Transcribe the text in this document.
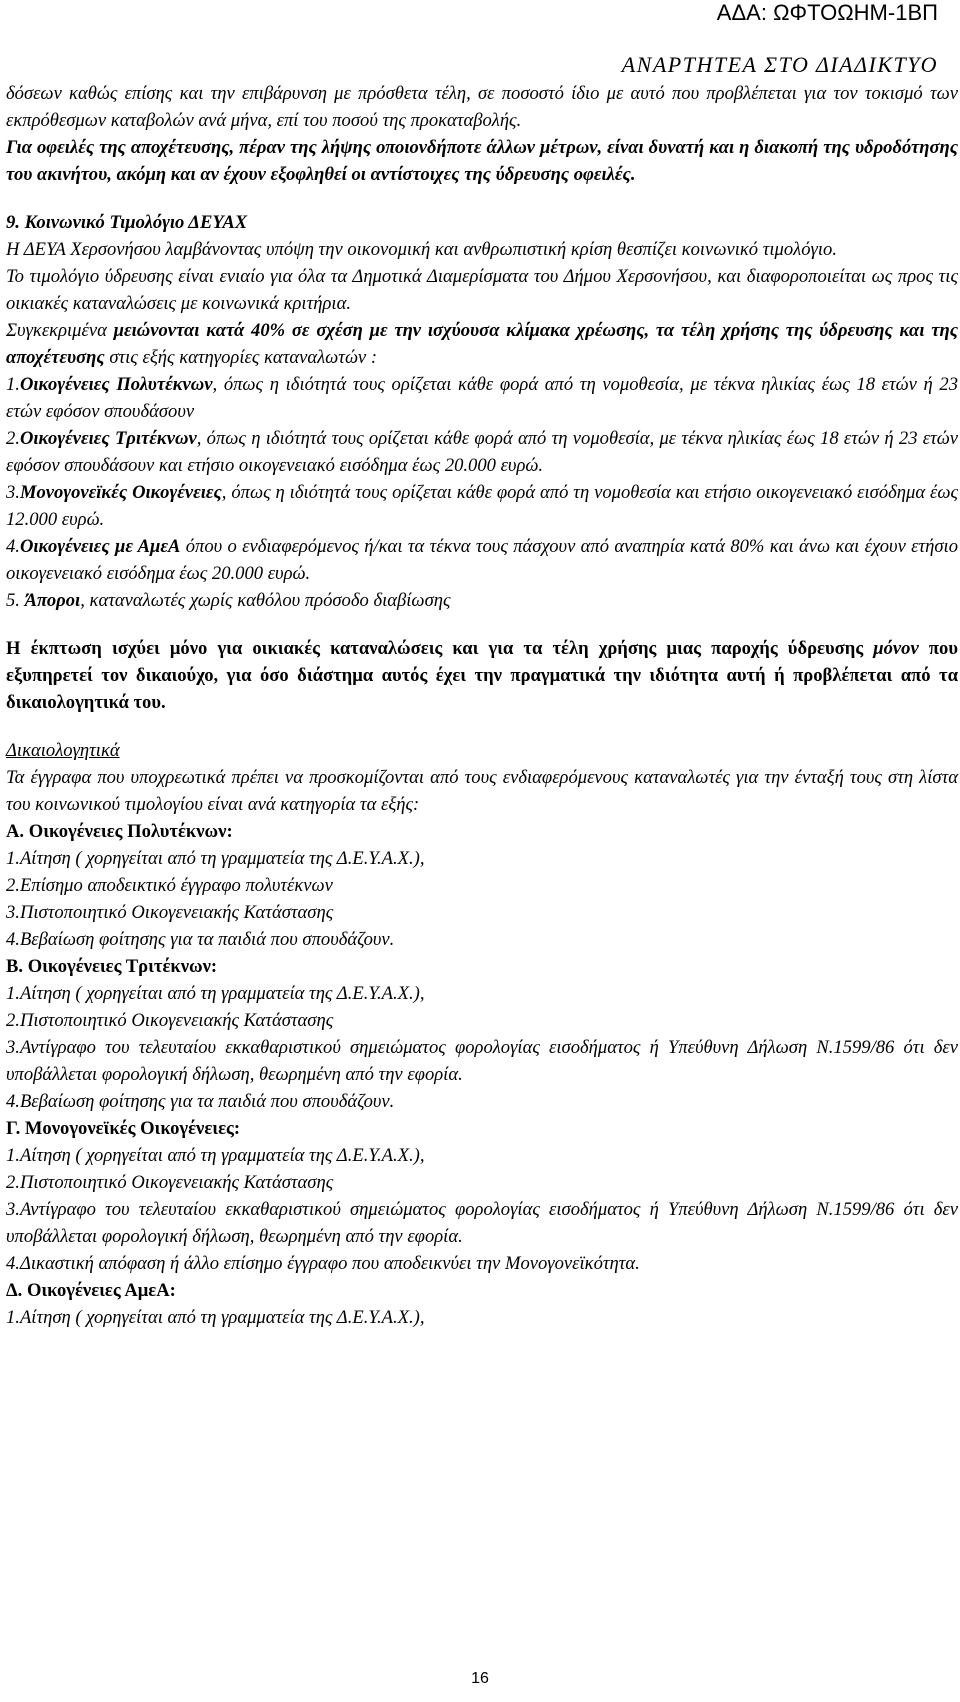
ΑΔΑ: ΩΦΤΟΩΗΜ-1ΒΠ
ΑΝΑΡΤΗΤΕΑ ΣΤΟ ΔΙΑΔΙΚΤΥΟ

δόσεων καθώς επίσης και την επιβάρυνση με πρόσθετα τέλη, σε ποσοστό ίδιο με αυτό που προβλέπεται για τον τοκισμό των εκπρόθεσμων καταβολών ανά μήνα, επί του ποσού της προκαταβολής.

Για οφειλές της αποχέτευσης, πέραν της λήψης οποιονδήποτε άλλων μέτρων, είναι δυνατή και η διακοπή της υδροδότησης του ακινήτου, ακόμη και αν έχουν εξοφληθεί οι αντίστοιχες της ύδρευσης οφειλές.

9. Κοινωνικό Τιμολόγιο ΔΕΥΑΧ

Η ΔΕΥΑ Χερσονήσου λαμβάνοντας υπόψη την οικονομική και ανθρωπιστική κρίση θεσπίζει κοινωνικό τιμολόγιο.

Το τιμολόγιο ύδρευσης είναι ενιαίο για όλα τα Δημοτικά Διαμερίσματα του Δήμου Χερσονήσου, και διαφοροποιείται ως προς τις οικιακές καταναλώσεις με κοινωνικά κριτήρια.

Συγκεκριμένα μειώνονται κατά 40% σε σχέση με την ισχύουσα κλίμακα χρέωσης, τα τέλη χρήσης της ύδρευσης και της αποχέτευσης στις εξής κατηγορίες καταναλωτών :

1.Οικογένειες Πολυτέκνων, όπως η ιδιότητά τους ορίζεται κάθε φορά από τη νομοθεσία, με τέκνα ηλικίας έως 18 ετών ή 23 ετών εφόσον σπουδάσουν

2.Οικογένειες Τριτέκνων, όπως η ιδιότητά τους ορίζεται κάθε φορά από τη νομοθεσία, με τέκνα ηλικίας έως 18 ετών ή 23 ετών εφόσον σπουδάσουν και ετήσιο οικογενειακό εισόδημα έως 20.000 ευρώ.

3.Μονογονεϊκές Οικογένειες, όπως η ιδιότητά τους ορίζεται κάθε φορά από τη νομοθεσία και ετήσιο οικογενειακό εισόδημα έως 12.000 ευρώ.

4.Οικογένειες με ΑμεΑ όπου ο ενδιαφερόμενος ή/και τα τέκνα τους πάσχουν από αναπηρία κατά 80% και άνω και έχουν ετήσιο οικογενειακό εισόδημα έως 20.000 ευρώ.

5. Άποροι, καταναλωτές χωρίς καθόλου πρόσοδο διαβίωσης

Η έκπτωση ισχύει μόνο για οικιακές καταναλώσεις και για τα τέλη χρήσης μιας παροχής ύδρευσης μόνον που εξυπηρετεί τον δικαιούχο, για όσο διάστημα αυτός έχει την πραγματικά την ιδιότητα αυτή ή προβλέπεται από τα δικαιολογητικά του.

Δικαιολογητικά

Τα έγγραφα που υποχρεωτικά πρέπει να προσκομίζονται από τους ενδιαφερόμενους καταναλωτές για την ένταξή τους στη λίστα του κοινωνικού τιμολογίου είναι ανά κατηγορία τα εξής:

Α. Οικογένειες Πολυτέκνων:

1.Αίτηση ( χορηγείται από τη γραμματεία της Δ.Ε.Υ.Α.Χ.),

2.Επίσημο αποδεικτικό έγγραφο πολυτέκνων

3.Πιστοποιητικό Οικογενειακής Κατάστασης

4.Βεβαίωση φοίτησης για τα παιδιά που σπουδάζουν.

Β. Οικογένειες Τριτέκνων:

1.Αίτηση ( χορηγείται από τη γραμματεία της Δ.Ε.Υ.Α.Χ.),

2.Πιστοποιητικό Οικογενειακής Κατάστασης

3.Αντίγραφο του τελευταίου εκκαθαριστικού σημειώματος φορολογίας εισοδήματος ή Υπεύθυνη Δήλωση Ν.1599/86 ότι δεν υποβάλλεται φορολογική δήλωση, θεωρημένη από την εφορία.

4.Βεβαίωση φοίτησης για τα παιδιά που σπουδάζουν.

Γ. Μονογονεϊκές Οικογένειες:

1.Αίτηση ( χορηγείται από τη γραμματεία της Δ.Ε.Υ.Α.Χ.),

2.Πιστοποιητικό Οικογενειακής Κατάστασης

3.Αντίγραφο του τελευταίου εκκαθαριστικού σημειώματος φορολογίας εισοδήματος ή Υπεύθυνη Δήλωση Ν.1599/86 ότι δεν υποβάλλεται φορολογική δήλωση, θεωρημένη από την εφορία.

4.Δικαστική απόφαση ή άλλο επίσημο έγγραφο που αποδεικνύει την Μονογονεϊκότητα.

Δ. Οικογένειες ΑμεΑ:

1.Αίτηση ( χορηγείται από τη γραμματεία της Δ.Ε.Υ.Α.Χ.),

16
